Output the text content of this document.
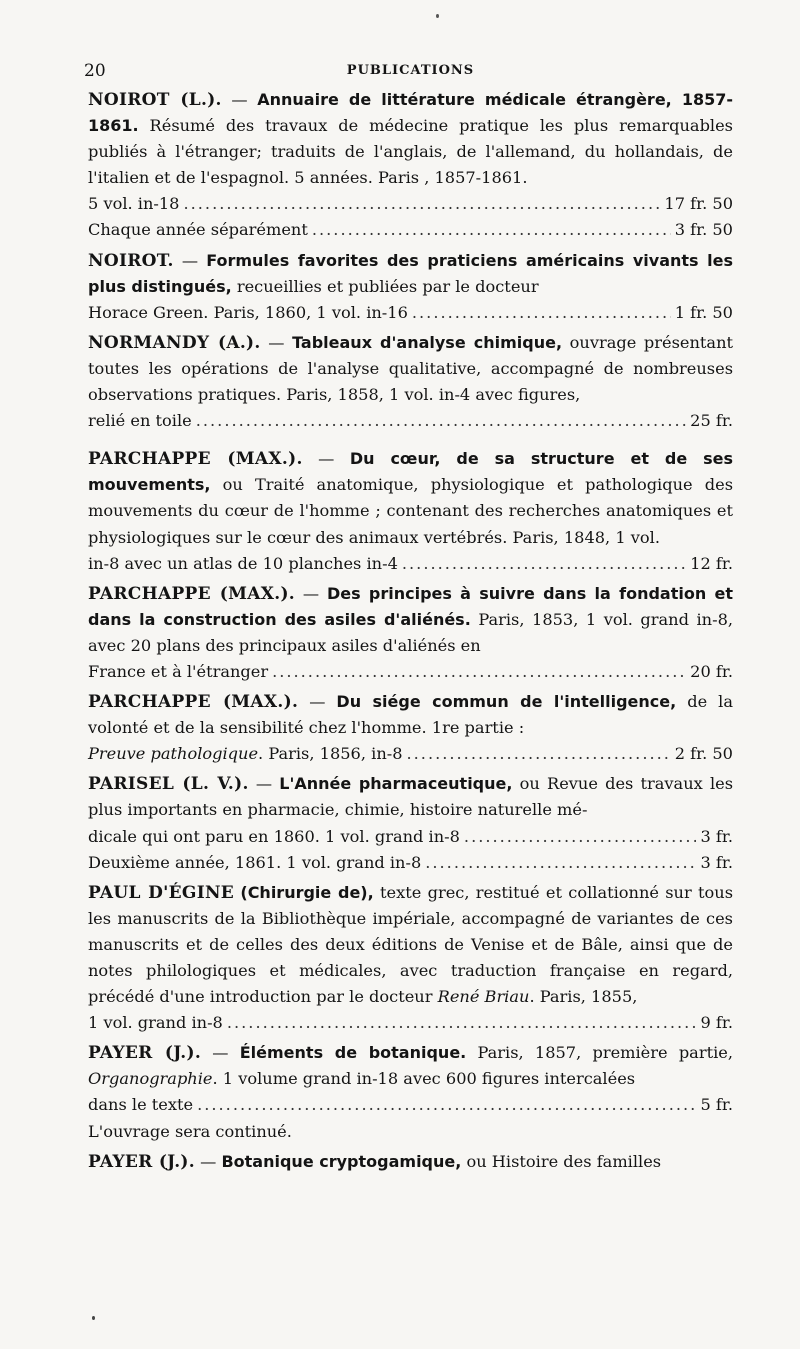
20	PUBLICATIONS
NOIROT (L.). — Annuaire de littérature médicale étrangère, 1857-1861. Résumé des travaux de médecine pratique les plus remarquables publiés à l'étranger; traduits de l'anglais, de l'allemand, du hollandais, de l'italien et de l'espagnol. 5 années. Paris , 1857-1861.
5 vol. in-18 .....	17 fr. 50
Chaque année séparément .....	3 fr. 50
NOIROT. — Formules favorites des praticiens américains vivants les plus distingués, recueillies et publiées par le docteur
Horace Green. Paris, 1860, 1 vol. in-16 .....	1 fr. 50
NORMANDY (A.). — Tableaux d'analyse chimique, ouvrage présentant toutes les opérations de l'analyse qualitative, accompagné de nombreuses observations pratiques. Paris, 1858, 1 vol. in-4 avec figures,
relié en toile .....	25 fr.
PARCHAPPE (MAX.). — Du cœur, de sa structure et de ses mouvements, ou Traité anatomique, physiologique et pathologique des mouvements du cœur de l'homme ; contenant des recherches anatomiques et physiologiques sur le cœur des animaux vertébrés. Paris, 1848, 1 vol.
in-8 avec un atlas de 10 planches in-4 .....	12 fr.
PARCHAPPE (MAX.). — Des principes à suivre dans la fondation et dans la construction des asiles d'aliénés. Paris, 1853, 1 vol. grand in-8, avec 20 plans des principaux asiles d'aliénés en
France et à l'étranger .....	20 fr.
PARCHAPPE (MAX.). — Du siége commun de l'intelligence, de la volonté et de la sensibilité chez l'homme. 1re partie :
Preuve pathologique. Paris, 1856, in-8 .....	2 fr. 50
PARISEL (L. V.). — L'Année pharmaceutique, ou Revue des travaux les plus importants en pharmacie, chimie, histoire naturelle mé-
dicale qui ont paru en 1860. 1 vol. grand in-8 .....	3 fr.
Deuxième année, 1861. 1 vol. grand in-8 .....	3 fr.
PAUL D'ÉGINE (Chirurgie de), texte grec, restitué et collationné sur tous les manuscrits de la Bibliothèque impériale, accompagné de variantes de ces manuscrits et de celles des deux éditions de Venise et de Bâle, ainsi que de notes philologiques et médicales, avec traduction française en regard, précédé d'une introduction par le docteur René Briau. Paris, 1855,
1 vol. grand in-8 .....	9 fr.
PAYER (J.). — Éléments de botanique. Paris, 1857, première partie, Organographie. 1 volume grand in-18 avec 600 figures intercalées
dans le texte .....	5 fr.
L'ouvrage sera continué.
PAYER (J.). — Botanique cryptogamique, ou Histoire des familles
